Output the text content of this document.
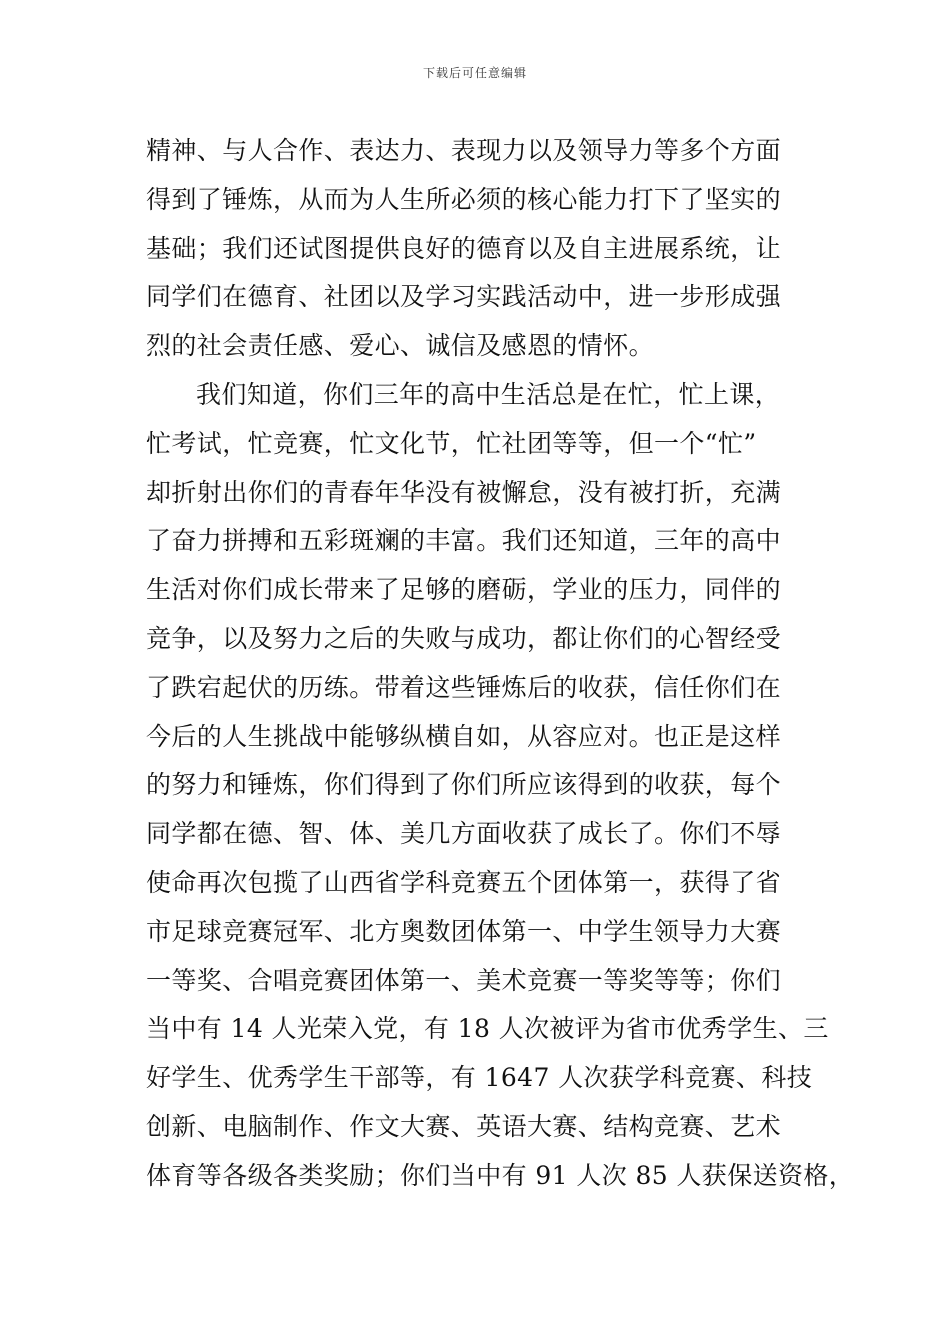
下载后可任意编辑
精神、与人合作、表达力、表现力以及领导力等多个方面
得到了锤炼，从而为人生所必须的核心能力打下了坚实的
基础；我们还试图提供良好的德育以及自主进展系统，让
同学们在德育、社团以及学习实践活动中，进一步形成强
烈的社会责任感、爱心、诚信及感恩的情怀。
我们知道，你们三年的高中生活总是在忙，忙上课，
忙考试，忙竞赛，忙文化节，忙社团等等，但一个“忙”
却折射出你们的青春年华没有被懈怠，没有被打折，充满
了奋力拼搏和五彩斑斓的丰富。我们还知道，三年的高中
生活对你们成长带来了足够的磨砺，学业的压力，同伴的
竞争，以及努力之后的失败与成功，都让你们的心智经受
了跌宕起伏的历练。带着这些锤炼后的收获，信任你们在
今后的人生挑战中能够纵横自如，从容应对。也正是这样
的努力和锤炼，你们得到了你们所应该得到的收获，每个
同学都在德、智、体、美几方面收获了成长了。你们不辱
使命再次包揽了山西省学科竞赛五个团体第一，获得了省
市足球竞赛冠军、北方奥数团体第一、中学生领导力大赛
一等奖、合唱竞赛团体第一、美术竞赛一等奖等等；你们
当中有 14 人光荣入党，有 18 人次被评为省市优秀学生、三
好学生、优秀学生干部等，有 1647 人次获学科竞赛、科技
创新、电脑制作、作文大赛、英语大赛、结构竞赛、艺术
体育等各级各类奖励；你们当中有 91 人次 85 人获保送资格，
